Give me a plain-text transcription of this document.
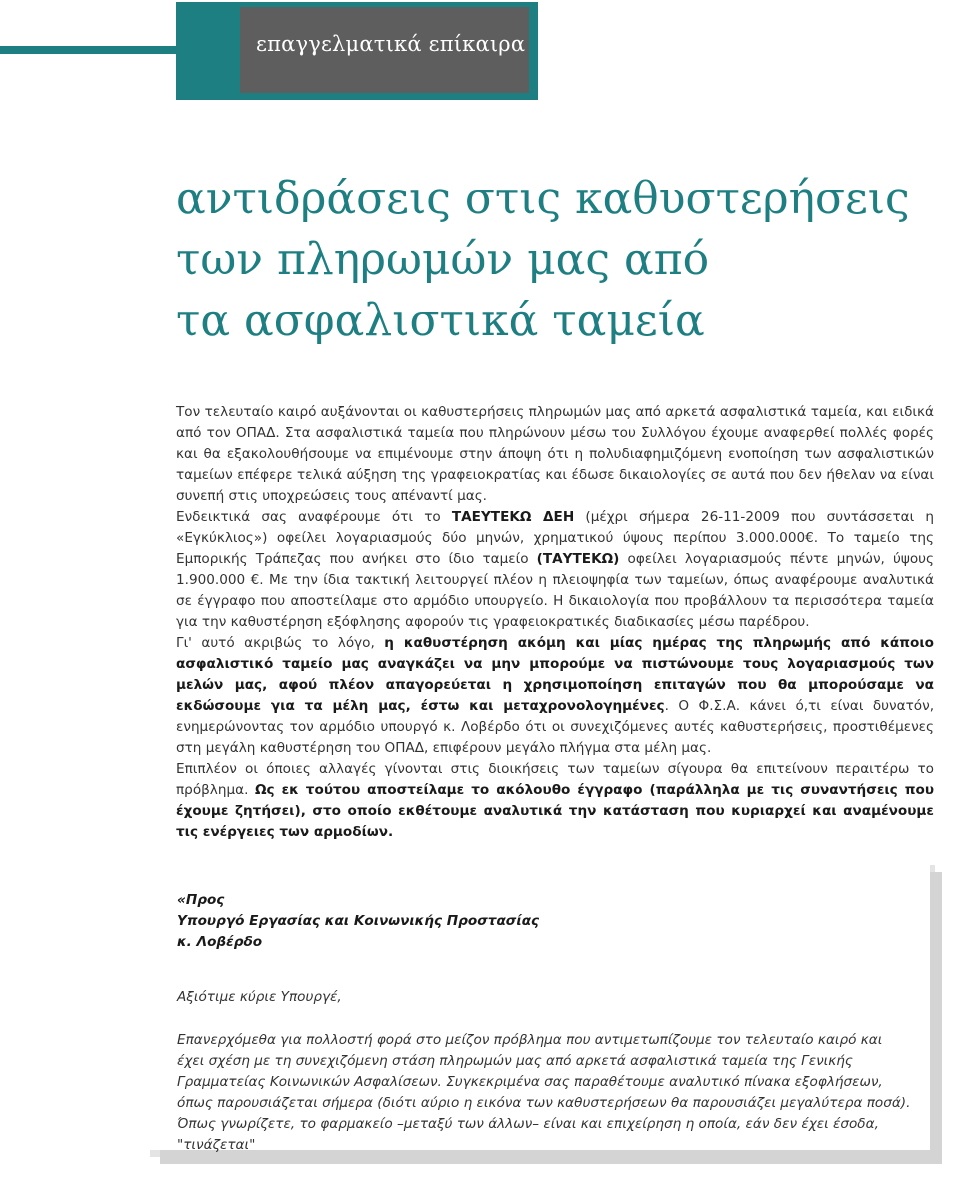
επαγγελματικά επίκαιρα
αντιδράσεις στις καθυστερήσεις
των πληρωμών μας από
τα ασφαλιστικά ταμεία

Τον τελευταίο καιρό αυξάνονται οι καθυστερήσεις πληρωμών μας από αρκετά ασφαλιστικά ταμεία, και ειδικά από τον ΟΠΑΔ. Στα ασφαλιστικά ταμεία που πληρώνουν μέσω του Συλλόγου έχουμε αναφερθεί πολλές φορές και θα εξακολουθήσουμε να επιμένουμε στην άποψη ότι η πολυδιαφημιζόμενη ενοποίηση των ασφαλιστικών ταμείων επέφερε τελικά αύξηση της γραφειοκρατίας και έδωσε δικαιολογίες σε αυτά που δεν ήθελαν να είναι συνεπή στις υποχρεώσεις τους απέναντί μας.

Ενδεικτικά σας αναφέρουμε ότι το ΤΑΕΥΤΕΚΩ ΔΕΗ (μέχρι σήμερα 26-11-2009 που συντάσσεται η «Εγκύκλιος») οφείλει λογαριασμούς δύο μηνών, χρηματικού ύψους περίπου 3.000.000€. Το ταμείο της Εμπορικής Τράπεζας που ανήκει στο ίδιο ταμείο (ΤΑΥΤΕΚΩ) οφείλει λογαριασμούς πέντε μηνών, ύψους 1.900.000 €. Με την ίδια τακτική λειτουργεί πλέον η πλειοψηφία των ταμείων, όπως αναφέρουμε αναλυτικά σε έγγραφο που αποστείλαμε στο αρμόδιο υπουργείο. Η δικαιολογία που προβάλλουν τα περισσότερα ταμεία για την καθυστέρηση εξόφλησης αφορούν τις γραφειοκρατικές διαδικασίες μέσω παρέδρου.

Γι' αυτό ακριβώς το λόγο, η καθυστέρηση ακόμη και μίας ημέρας της πληρωμής από κάποιο ασφαλιστικό ταμείο μας αναγκάζει να μην μπορούμε να πιστώνουμε τους λογαριασμούς των μελών μας, αφού πλέον απαγορεύεται η χρησιμοποίηση επιταγών που θα μπορούσαμε να εκδώσουμε για τα μέλη μας, έστω και μεταχρονολογημένες. Ο Φ.Σ.Α. κάνει ό,τι είναι δυνατόν, ενημερώνοντας τον αρμόδιο υπουργό κ. Λοβέρδο ότι οι συνεχιζόμενες αυτές καθυστερήσεις, προστιθέμενες στη μεγάλη καθυστέρηση του ΟΠΑΔ, επιφέρουν μεγάλο πλήγμα στα μέλη μας.

Επιπλέον οι όποιες αλλαγές γίνονται στις διοικήσεις των ταμείων σίγουρα θα επιτείνουν περαιτέρω το πρόβλημα. Ως εκ τούτου αποστείλαμε το ακόλουθο έγγραφο (παράλληλα με τις συναντήσεις που έχουμε ζητήσει), στο οποίο εκθέτουμε αναλυτικά την κατάσταση που κυριαρχεί και αναμένουμε τις ενέργειες των αρμοδίων.

«Προς
Υπουργό Εργασίας και Κοινωνικής Προστασίας
κ. Λοβέρδο
Αξιότιμε κύριε Υπουργέ,

Επανερχόμεθα για πολλοστή φορά στο μείζον πρόβλημα που αντιμετωπίζουμε τον τελευταίο καιρό και έχει σχέση με τη συνεχιζόμενη στάση πληρωμών μας από αρκετά ασφαλιστικά ταμεία της Γενικής Γραμματείας Κοινωνικών Ασφαλίσεων. Συγκεκριμένα σας παραθέτουμε αναλυτικό πίνακα εξοφλήσεων, όπως παρουσιάζεται σήμερα (διότι αύριο η εικόνα των καθυστερήσεων θα παρουσιάζει μεγαλύτερα ποσά).

Όπως γνωρίζετε, το φαρμακείο –μεταξύ των άλλων– είναι και επιχείρηση η οποία, εάν δεν έχει έσοδα, "τινάζεται"
